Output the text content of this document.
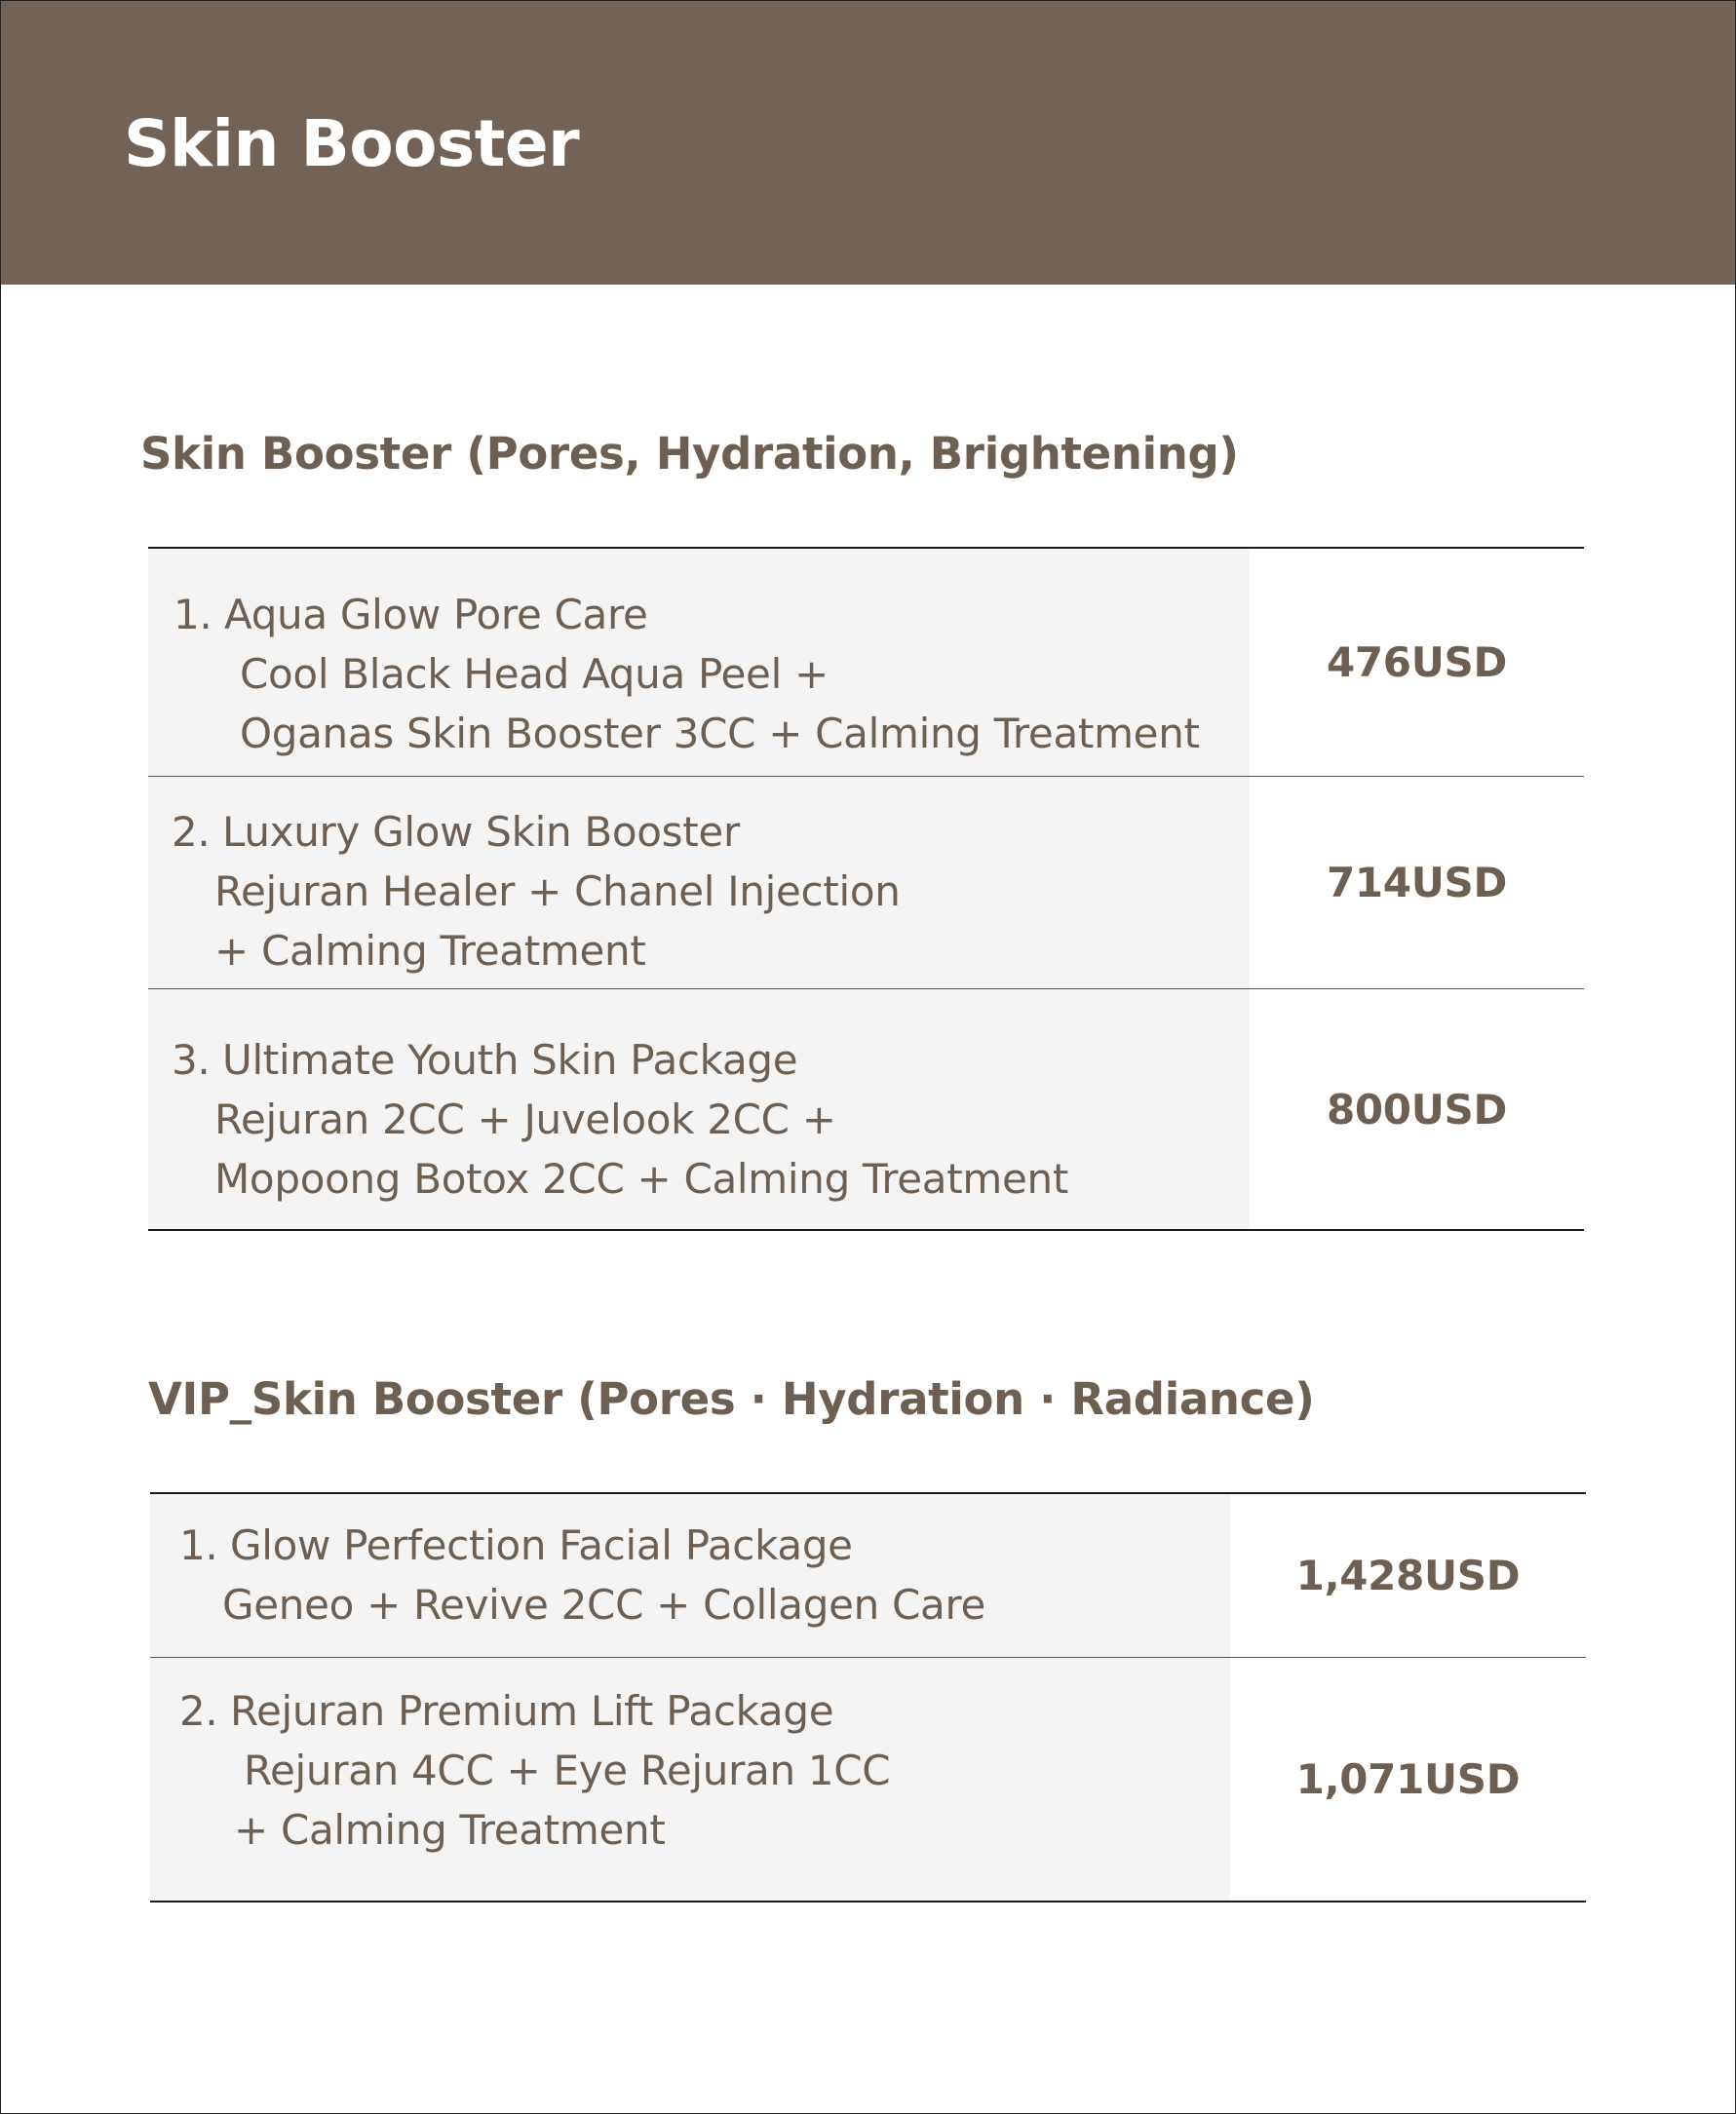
Skin Booster
Skin Booster (Pores, Hydration, Brightening)
1. Aqua Glow Pore Care
Cool Black Head Aqua Peel +
Oganas Skin Booster 3CC + Calming Treatment
476USD
2. Luxury Glow Skin Booster
Rejuran Healer + Chanel Injection
+ Calming Treatment
714USD
3. Ultimate Youth Skin Package
Rejuran 2CC + Juvelook 2CC +
Mopoong Botox 2CC + Calming Treatment
800USD
VIP_Skin Booster (Pores · Hydration · Radiance)
1. Glow Perfection Facial Package
Geneo + Revive 2CC + Collagen Care
1,428USD
2. Rejuran Premium Lift Package
Rejuran 4CC + Eye Rejuran 1CC
+ Calming Treatment
1,071USD
